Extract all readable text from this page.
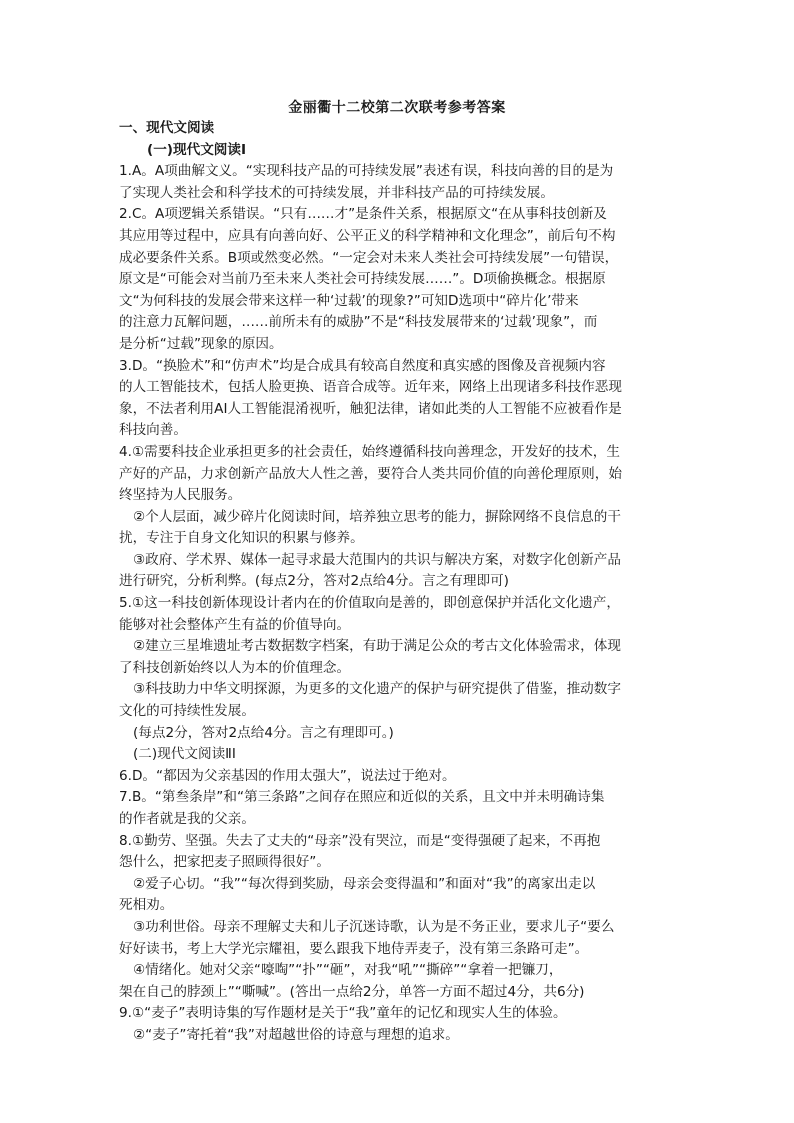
金丽衢十二校第二次联考参考答案
一、现代文阅读
(一)现代文阅读Ⅰ
1.A。A项曲解文义。“实现科技产品的可持续发展”表述有误，科技向善的目的是为
了实现人类社会和科学技术的可持续发展，并非科技产品的可持续发展。
2.C。A项逻辑关系错误。“只有……才”是条件关系，根据原文“在从事科技创新及
其应用等过程中，应具有向善向好、公平正义的科学精神和文化理念”，前后句不构
成必要条件关系。B项或然变必然。“一定会对未来人类社会可持续发展”一句错误，
原文是“可能会对当前乃至未来人类社会可持续发展……”。D项偷换概念。根据原
文“为何科技的发展会带来这样一种‘过载’的现象?”可知D选项中“碎片化’带来
的注意力瓦解问题，……前所未有的威胁”不是“科技发展带来的‘过载’现象”，而
是分析“过载”现象的原因。
3.D。“换脸术”和“仿声术”均是合成具有较高自然度和真实感的图像及音视频内容
的人工智能技术，包括人脸更换、语音合成等。近年来，网络上出现诸多科技作恶现
象，不法者利用AI人工智能混淆视听，触犯法律，诸如此类的人工智能不应被看作是
科技向善。
4.①需要科技企业承担更多的社会责任，始终遵循科技向善理念，开发好的技术，生
产好的产品，力求创新产品放大人性之善，要符合人类共同价值的向善伦理原则，始
终坚持为人民服务。
②个人层面，减少碎片化阅读时间，培养独立思考的能力，摒除网络不良信息的干
扰，专注于自身文化知识的积累与修养。
③政府、学术界、媒体一起寻求最大范围内的共识与解决方案，对数字化创新产品
进行研究，分析利弊。(每点2分，答对2点给4分。言之有理即可)
5.①这一科技创新体现设计者内在的价值取向是善的，即创意保护并活化文化遗产，
能够对社会整体产生有益的价值导向。
②建立三星堆遗址考古数据数字档案，有助于满足公众的考古文化体验需求，体现
了科技创新始终以人为本的价值理念。
③科技助力中华文明探源，为更多的文化遗产的保护与研究提供了借鉴，推动数字
文化的可持续性发展。
(每点2分，答对2点给4分。言之有理即可。)
(二)现代文阅读ⅡI
6.D。“都因为父亲基因的作用太强大”，说法过于绝对。
7.B。“第叁条岸”和“第三条路”之间存在照应和近似的关系，且文中并未明确诗集
的作者就是我的父亲。
8.①勤劳、坚强。失去了丈夫的“母亲”没有哭泣，而是“变得强硬了起来，不再抱
怨什么，把家把麦子照顾得很好”。
②爱子心切。“我”“每次得到奖励，母亲会变得温和”和面对“我”的离家出走以
死相劝。
③功利世俗。母亲不理解丈夫和儿子沉迷诗歌，认为是不务正业，要求儿子“要么
好好读书，考上大学光宗耀祖，要么跟我下地侍弄麦子，没有第三条路可走”。
④情绪化。她对父亲“嚎啕”“扑”“砸”，对我“吼”“撕碎”“拿着一把镰刀，
架在自己的脖颈上”“嘶喊”。(答出一点给2分，单答一方面不超过4分，共6分)
9.①“麦子”表明诗集的写作题材是关于“我”童年的记忆和现实人生的体验。
②“麦子”寄托着“我”对超越世俗的诗意与理想的追求。
